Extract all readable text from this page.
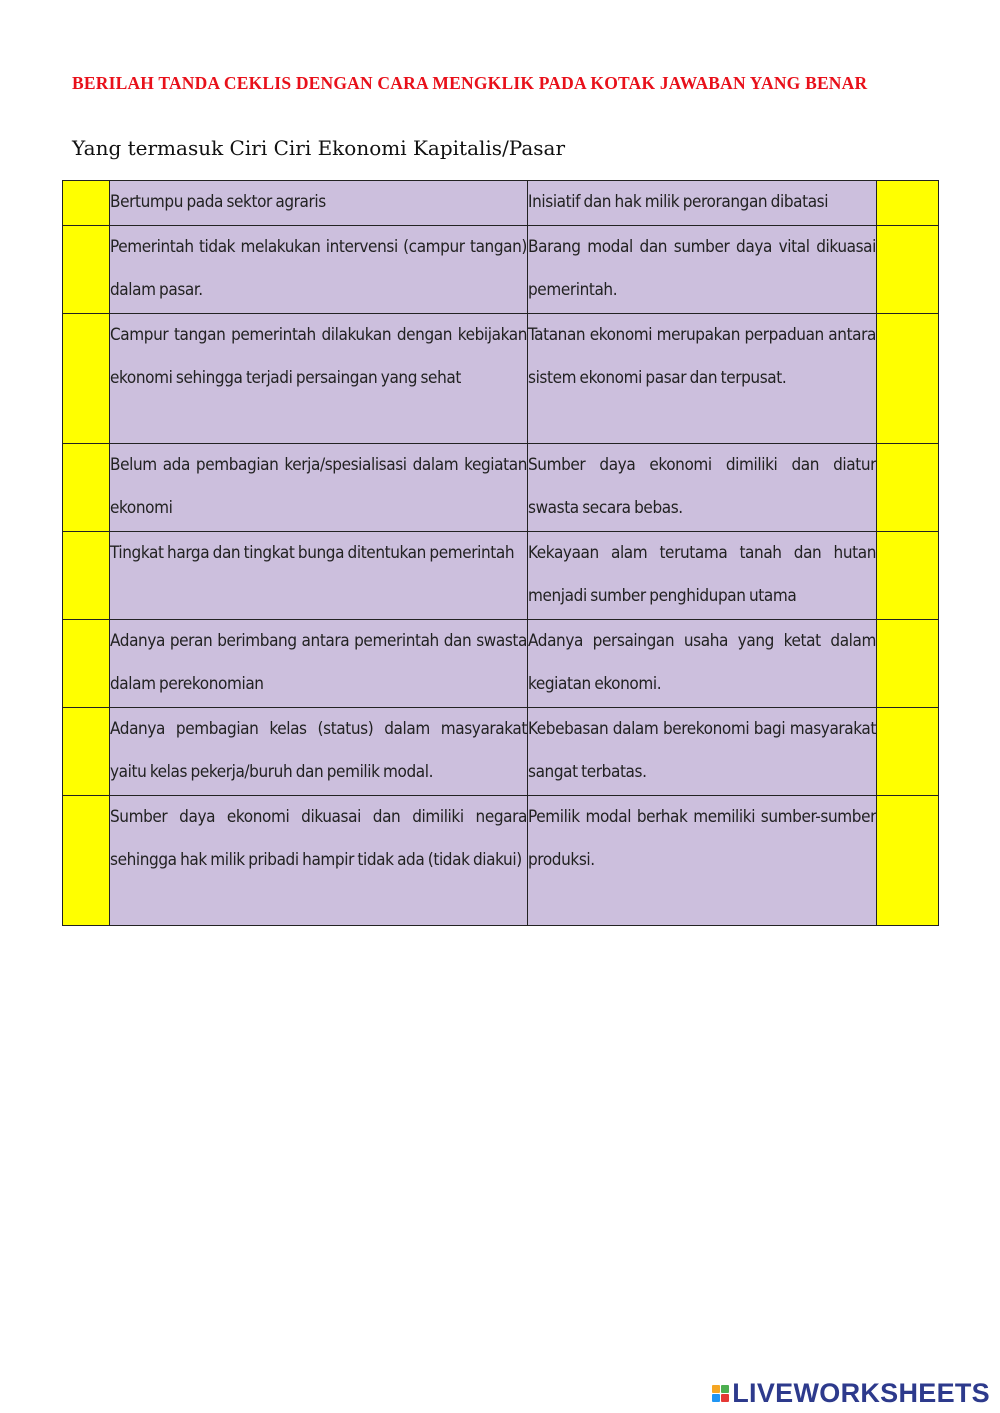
BERILAH TANDA CEKLIS DENGAN CARA MENGKLIK PADA KOTAK JAWABAN YANG BENAR
Yang termasuk Ciri Ciri Ekonomi Kapitalis/Pasar

	Bertumpu pada sektor agraris	Inisiatif dan hak milik perorangan dibatasi	

	Pemerintah tidak melakukan intervensi (campur tangan) dalam pasar.	Barang modal dan sumber daya vital dikuasai pemerintah.	

	Campur tangan pemerintah dilakukan dengan kebijakan ekonomi sehingga terjadi persaingan yang sehat	Tatanan ekonomi merupakan perpaduan antara sistem ekonomi pasar dan terpusat.	

	Belum ada pembagian kerja/spesialisasi dalam kegiatan ekonomi	Sumber daya ekonomi dimiliki dan diatur swasta secara bebas.	

	Tingkat harga dan tingkat bunga ditentukan pemerintah	Kekayaan alam terutama tanah dan hutan menjadi sumber penghidupan utama	

	Adanya peran berimbang antara pemerintah dan swasta dalam perekonomian	Adanya persaingan usaha yang ketat dalam kegiatan ekonomi.	

	Adanya pembagian kelas (status) dalam masyarakat yaitu kelas pekerja/buruh dan pemilik modal.	Kebebasan dalam berekonomi bagi masyarakat sangat terbatas.	

	Sumber daya ekonomi dikuasai dan dimiliki negara sehingga hak milik pribadi hampir tidak ada (tidak diakui)	Pemilik modal berhak memiliki sumber-sumber produksi.	

LIVEWORKSHEETS
